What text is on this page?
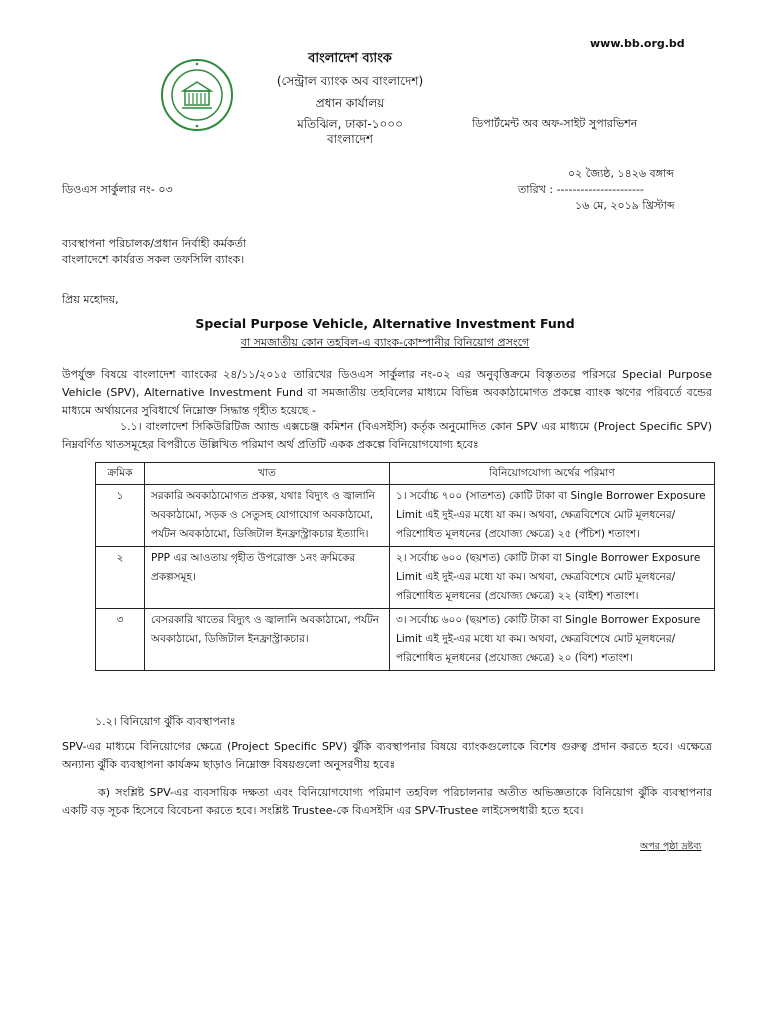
www.bb.org.bd
বাংলাদেশ ব্যাংক
(সেন্ট্রাল ব্যাংক অব বাংলাদেশ)
প্রধান কার্যালয়
মতিঝিল, ঢাকা-১০০০
বাংলাদেশ
ডিপার্টমেন্ট অব অফ-সাইট সুপারভিশন
০২ জ্যৈষ্ঠ, ১৪২৬ বঙ্গাব্দ
তারিখ : ----------------------
১৬ মে, ২০১৯ খ্রিস্টাব্দ
ডিওএস সার্কুলার নং- ০৩
ব্যবস্থাপনা পরিচালক/প্রধান নির্বাহী কর্মকর্তা
বাংলাদেশে কার্যরত সকল তফসিলি ব্যাংক।
প্রিয় মহোদয়,
Special Purpose Vehicle, Alternative Investment Fund
বা সমজাতীয় কোন তহবিল-এ ব্যাংক-কোম্পানীর বিনিয়োগ প্রসংগে
উপর্যুক্ত বিষয়ে বাংলাদেশ ব্যাংকের ২৪/১১/২০১৫ তারিখের ডিওএস সার্কুলার নং-০২ এর অনুবৃত্তিক্রমে বিস্তৃততর পরিসরে Special Purpose Vehicle (SPV), Alternative Investment Fund বা সমজাতীয় তহবিলের মাধ্যমে বিভিন্ন অবকাঠামোগত প্রকল্পে ব্যাংক ঋণের পরিবর্তে বন্ডের মাধ্যমে অর্থায়নের সুবিধার্থে নিম্নোক্ত সিদ্ধান্ত গৃহীত হয়েছে -
১.১। বাংলাদেশ সিকিউরিটিজ অ্যান্ড এক্সচেঞ্জ কমিশন (বিএসইসি) কর্তৃক অনুমোদিত কোন SPV এর মাধ্যমে (Project Specific SPV) নিম্নবর্ণিত খাতসমূহের বিপরীতে উল্লিখিত পরিমাণ অর্থ প্রতিটি একক প্রকল্পে বিনিয়োগযোগ্য হবেঃ
ক্রমিক	খাত	বিনিয়োগযোগ্য অর্থের পরিমাণ
১	সরকারি অবকাঠামোগত প্রকল্প, যথাঃ বিদ্যুৎ ও জ্বালানি অবকাঠামো, সড়ক ও সেতুসহ যোগাযোগ অবকাঠামো, পর্যটন অবকাঠামো, ডিজিটাল ইনফ্রাস্ট্রাকচার ইত্যাদি।	১। সর্বোচ্চ ৭০০ (সাতশত) কোটি টাকা বা Single Borrower Exposure Limit এই দুই-এর মধ্যে যা কম। অথবা, ক্ষেত্রবিশেষে মোট মূলধনের/পরিশোধিত মূলধনের (প্রযোজ্য ক্ষেত্রে) ২৫ (পঁচিশ) শতাংশ।
২	PPP এর আওতায় গৃহীত উপরোক্ত ১নং ক্রমিকের প্রকল্পসমূহ।	২। সর্বোচ্চ ৬০০ (ছয়শত) কোটি টাকা বা Single Borrower Exposure Limit এই দুই-এর মধ্যে যা কম। অথবা, ক্ষেত্রবিশেষে মোট মূলধনের/পরিশোধিত মূলধনের (প্রযোজ্য ক্ষেত্রে) ২২ (বাইশ) শতাংশ।
৩	বেসরকারি খাতের বিদ্যুৎ ও জ্বালানি অবকাঠামো, পর্যটন অবকাঠামো, ডিজিটাল ইনফ্রাস্ট্রাকচার।	৩। সর্বোচ্চ ৬০০ (ছয়শত) কোটি টাকা বা Single Borrower Exposure Limit এই দুই-এর মধ্যে যা কম। অথবা, ক্ষেত্রবিশেষে মোট মূলধনের/পরিশোধিত মূলধনের (প্রযোজ্য ক্ষেত্রে) ২০ (বিশ) শতাংশ।
১.২। বিনিয়োগ ঝুঁকি ব্যবস্থাপনাঃ
SPV-এর মাধ্যমে বিনিয়োগের ক্ষেত্রে (Project Specific SPV) ঝুঁকি ব্যবস্থাপনার বিষয়ে ব্যাংকগুলোকে বিশেষ গুরুত্ব প্রদান করতে হবে। এক্ষেত্রে অন্যান্য ঝুঁকি ব্যবস্থাপনা কার্যক্রম ছাড়াও নিম্নোক্ত বিষয়গুলো অনুসরণীয় হবেঃ
ক) সংশ্লিষ্ট SPV-এর ব্যবসায়িক দক্ষতা এবং বিনিয়োগযোগ্য পরিমাণ তহবিল পরিচালনার অতীত অভিজ্ঞতাকে বিনিয়োগ ঝুঁকি ব্যবস্থাপনার একটি বড় সূচক হিসেবে বিবেচনা করতে হবে। সংশ্লিষ্ট Trustee-কে বিএসইসি এর SPV-Trustee লাইসেন্সধারী হতে হবে।
অপর পৃষ্ঠা দ্রষ্টব্য
